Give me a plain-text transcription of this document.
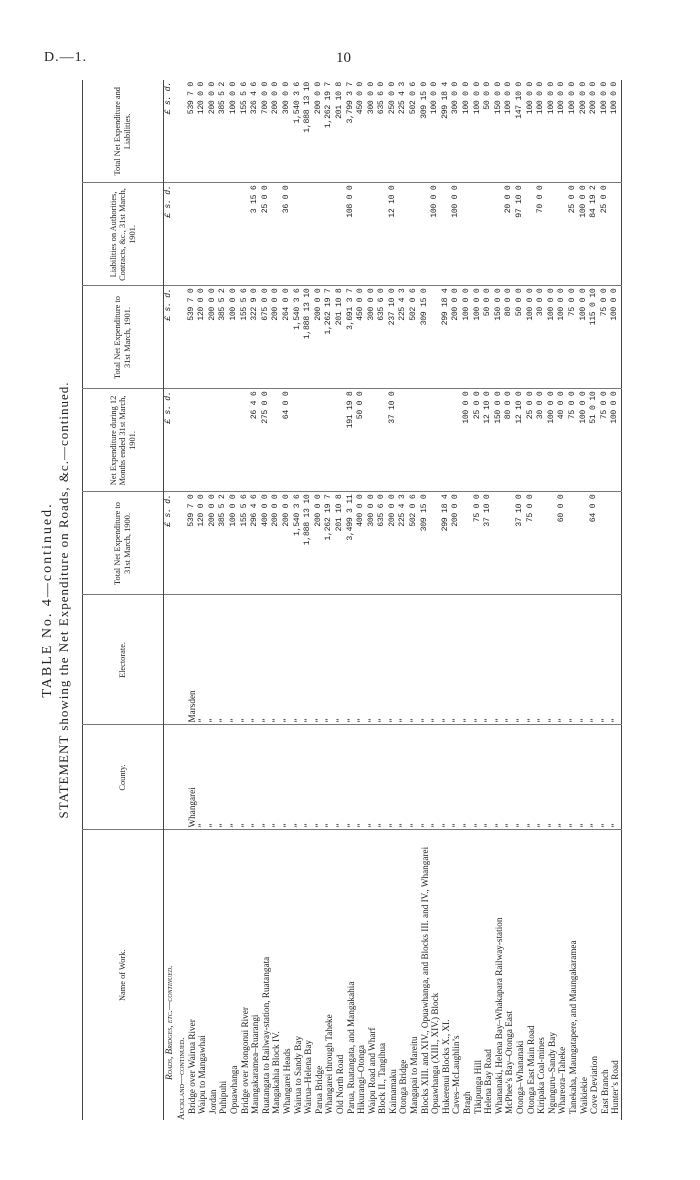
D.—1.	10
TABLE No. 4—continued. STATEMENT showing the Net Expenditure on Roads, &c.—continued.
Name of Work.	County.	Electorate.	Total Net Expenditure to 31st March, 1900.	Net Expenditure during 12 Months ended 31st March, 1901.	Total Net Expenditure to 31st March, 1901.	Liabilities on Authorities, Contracts, &c., 31st March, 1901.	Total Net Expenditure and Liabilities.
Roads, Bridges, etc.—continued.			£ s. d.	£ s. d.	£ s. d.	£ s. d.	£ s. d.
Auckland—continued.							
Bridge over Wairua River	Whangarei	Marsden	539 7 0		539 7 0		539 7 0
Waipu to Mangawhai	”	”	120 0 0		120 0 0		120 0 0
Jordan	”	”	200 0 0		200 0 0		200 0 0
Puhipuhi	”	”	385 5 2		385 5 2		385 5 2
Opuawhanga	”	”	100 0 0		100 0 0		100 0 0
Bridge over Mongonui River	”	”	155 5 6		155 5 6		155 5 6
Maungakaramea–Ruarangi	”	”	296 4 6	26 4 6	322 9 0	3 15 6	326 4 6
Ruatangata to Railway-station, Ruatangata	”	”	400 0 0	275 0 0	675 0 0	25 0 0	700 0 0
Mangakahia Block IV.	”	”	200 0 0		200 0 0		200 0 0
Whangarei Heads	”	”	200 0 0	64 0 0	264 0 0	36 0 0	300 0 0
Wairua to Sandy Bay	”	”	1,540 3 6		1,540 3 6		1,540 3 6
Wairua–Helena Bay	”	”	1,888 13 10		1,888 13 10		1,888 13 10
Parua Bridge	”	”	200 0 0		200 0 0		200 0 0
Whangarei through Taheke	”	”	1,262 19 7		1,262 19 7		1,262 19 7
Old North Road	”	”	201 10 8		201 10 8		201 10 8
Parua, Ruatangata, and Mangakahia	”	”	3,499 3 11	191 19 8	3,691 3 7	108 0 0	3,799 3 7
Hikurangi–Otonga	”	”	400 0 0	50 0 0	450 0 0		450 0 0
Waipu Road and Wharf	”	”	300 0 0		300 0 0		300 0 0
Block II., Tangihua	”	”	635 6 0		635 6 0		635 6 0
Kaimamaku	”	”	200 0 0	37 10 0	237 10 0	12 10 0	250 0 0
Otonga Bridge	”	”	225 4 3		225 4 3		225 4 3
Mangapai to Mareitu	”	”	502 0 6		502 0 6		502 0 6
Blocks XIII. and XIV., Opuawhanga, and Blocks III. and IV., Whangarei	”	”	309 15 0		309 15 0		309 15 0
Opuawhanga (XIII., XIV.) Block	”	”				100 0 0	100 0 0
Hukerenui Blocks X., XI.	”	”	299 18 4		299 18 4		299 18 4
Caves–McLaughlin’s	”	”	200 0 0		200 0 0	100 0 0	300 0 0
Bragh	”	”		100 0 0	100 0 0		100 0 0
Tikipunga Hill	”	”	75 0 0	25 0 0	100 0 0		100 0 0
Helena Bay Road	”	”	37 10 0	12 10 0	50 0 0		50 0 0
Whananaki, Helena Bay–Whakapara Railway-station	”	”		150 0 0	150 0 0		150 0 0
McPhee’s Bay–Otonga East	”	”		80 0 0	80 0 0	20 0 0	100 0 0
Otonga–Whananaki	”	”	37 10 0	12 10 0	50 0 0	97 10 0	147 10 0
Otonga East Main Road	”	”	75 0 0	25 0 0	100 0 0		100 0 0
Kiripaka Coal-mines	”	”		30 0 0	30 0 0	70 0 0	100 0 0
Ngunguru–Sandy Bay	”	”		100 0 0	100 0 0		100 0 0
Whareora–Taheke	”	”	60 0 0	40 0 0	100 0 0		100 0 0
Tanekaha, Maungatapere, and Maungakaramea	”	”		75 0 0	75 0 0	25 0 0	100 0 0
Waikiekie	”	”		100 0 0	100 0 0	100 0 0	200 0 0
Cove Deviation	”	”	64 0 0	51 0 10	115 0 10	84 19 2	200 0 0
East Branch	”	”		75 0 0	75 0 0	25 0 0	100 0 0
Hunter’s Road	”	”		100 0 0	100 0 0		100 0 0
